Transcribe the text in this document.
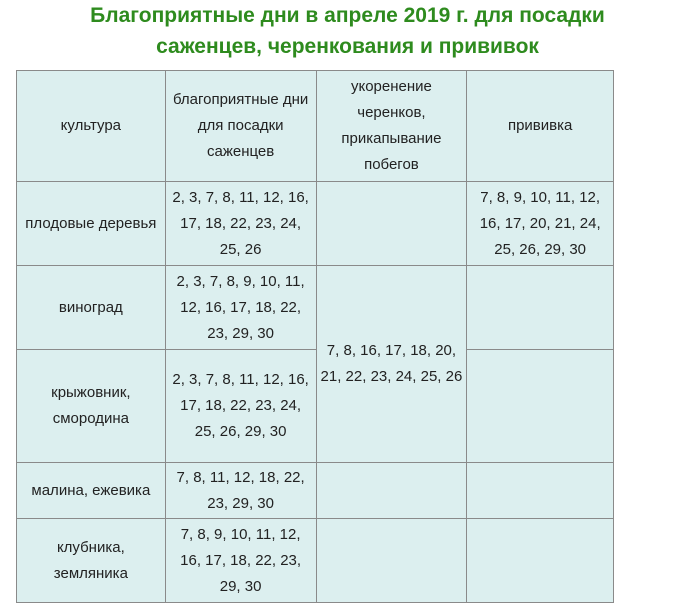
Благоприятные дни в апреле 2019 г. для посадки
саженцев, черенкования и прививок
культура	благоприятные дни для посадки саженцев	укоренение черенков, прикапывание побегов	прививка
плодовые деревья	2, 3, 7, 8, 11, 12, 16, 17, 18, 22, 23, 24, 25, 26		7, 8, 9, 10, 11, 12, 16, 17, 20, 21, 24, 25, 26, 29, 30
виноград	2, 3, 7, 8, 9, 10, 11, 12, 16, 17, 18, 22, 23, 29, 30	7, 8, 16, 17, 18, 20, 21, 22, 23, 24, 25, 26	
крыжовник, смородина	2, 3, 7, 8, 11, 12, 16, 17, 18, 22, 23, 24, 25, 26, 29, 30		
малина, ежевика	7, 8, 11, 12, 18, 22, 23, 29, 30		
клубника, земляника	7, 8, 9, 10, 11, 12, 16, 17, 18, 22, 23, 29, 30		
